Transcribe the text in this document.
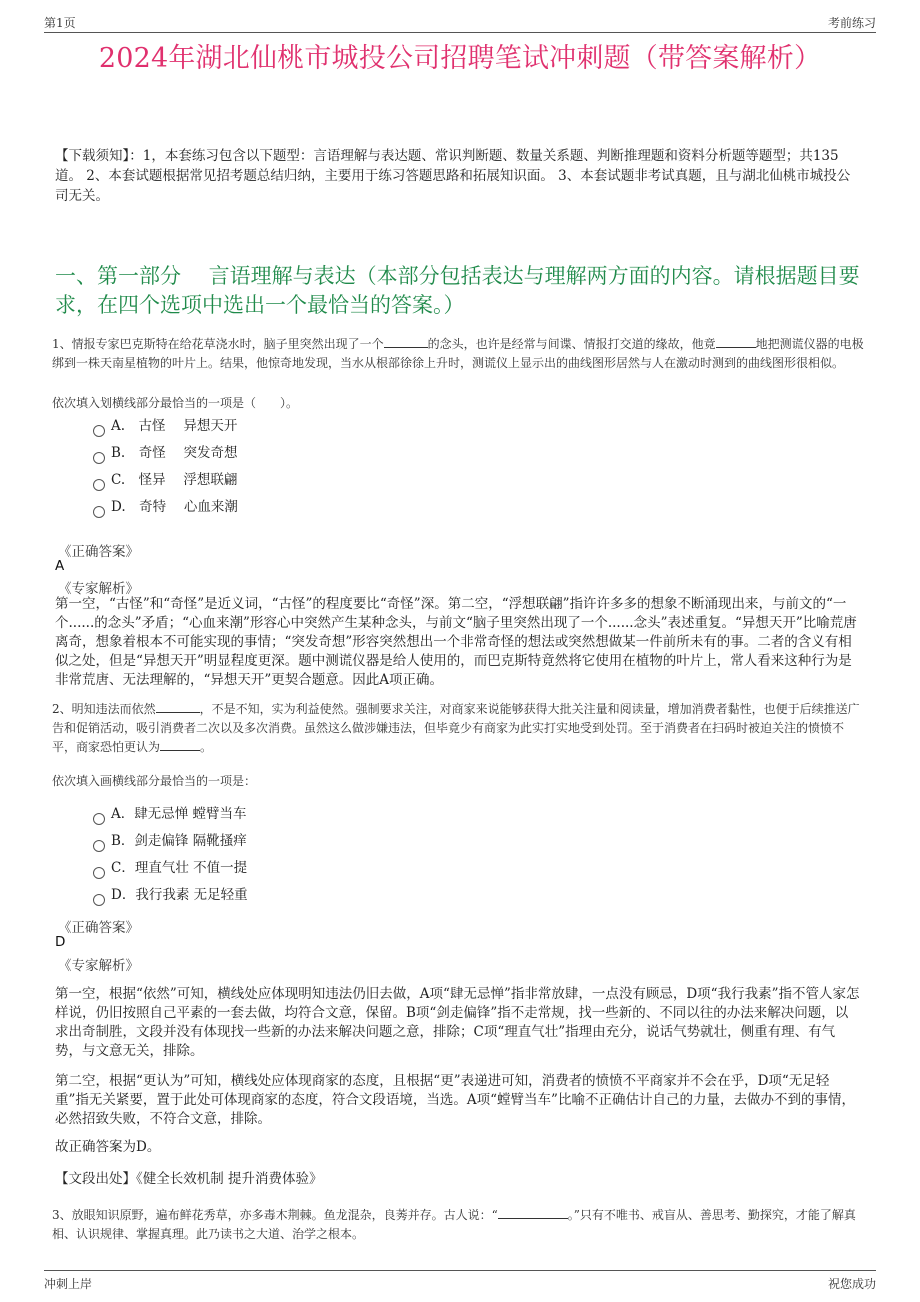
第1页	考前练习
2024年湖北仙桃市城投公司招聘笔试冲刺题（带答案解析）
【下载须知】：1，本套练习包含以下题型：言语理解与表达题、常识判断题、数量关系题、判断推理题和资料分析题等题型；共135道。 2、本套试题根据常见招考题总结归纳，主要用于练习答题思路和拓展知识面。 3、本套试题非考试真题，且与湖北仙桃市城投公司无关。
一、第一部分　 言语理解与表达（本部分包括表达与理解两方面的内容。请根据题目要求，在四个选项中选出一个最恰当的答案。）
1、情报专家巴克斯特在给花草浇水时，脑子里突然出现了一个	的念头，也许是经常与间谍、情报打交道的缘故，他竟	地把测谎仪器的电极绑到一株天南星植物的叶片上。结果，他惊奇地发现，当水从根部徐徐上升时，测谎仪上显示出的曲线图形居然与人在激动时测到的曲线图形很相似。
依次填入划横线部分最恰当的一项是（　　）。
A.　古怪　 异想天开
B.　奇怪　 突发奇想
C.　怪异　 浮想联翩
D.　奇特　 心血来潮
《正确答案》
A
《专家解析》
第一空，“古怪”和“奇怪”是近义词，“古怪”的程度要比“奇怪”深。第二空，“浮想联翩”指许许多多的想象不断涌现出来，与前文的“一个......的念头”矛盾；“心血来潮”形容心中突然产生某种念头，与前文“脑子里突然出现了一个......念头”表述重复。“异想天开”比喻荒唐离奇，想象着根本不可能实现的事情；“突发奇想”形容突然想出一个非常奇怪的想法或突然想做某一件前所未有的事。二者的含义有相似之处，但是“异想天开”明显程度更深。题中测谎仪器是给人使用的，而巴克斯特竟然将它使用在植物的叶片上，常人看来这种行为是非常荒唐、无法理解的，“异想天开”更契合题意。因此A项正确。
2、明知违法而依然	，不是不知，实为利益使然。强制要求关注，对商家来说能够获得大批关注量和阅读量，增加消费者黏性，也便于后续推送广告和促销活动，吸引消费者二次以及多次消费。虽然这么做涉嫌违法，但毕竟少有商家为此实打实地受到处罚。至于消费者在扫码时被迫关注的愤愤不平，商家恐怕更认为	。
依次填入画横线部分最恰当的一项是：
A．肆无忌惮 螳臂当车
B．剑走偏锋 隔靴搔痒
C．理直气壮 不值一提
D．我行我素 无足轻重
《正确答案》
D
《专家解析》
第一空，根据“依然”可知，横线处应体现明知违法仍旧去做，A项“肆无忌惮”指非常放肆，一点没有顾忌，D项“我行我素”指不管人家怎样说，仍旧按照自己平素的一套去做，均符合文意，保留。B项“剑走偏锋”指不走常规，找一些新的、不同以往的办法来解决问题，以求出奇制胜，文段并没有体现找一些新的办法来解决问题之意，排除；C项“理直气壮”指理由充分，说话气势就壮，侧重有理、有气势，与文意无关，排除。
第二空，根据“更认为”可知，横线处应体现商家的态度，且根据“更”表递进可知，消费者的愤愤不平商家并不会在乎，D项“无足轻重”指无关紧要，置于此处可体现商家的态度，符合文段语境，当选。A项“螳臂当车”比喻不正确估计自己的力量，去做办不到的事情，必然招致失败，不符合文意，排除。
故正确答案为D。
【文段出处】《健全长效机制 提升消费体验》
3、放眼知识原野，遍布鲜花秀草，亦多毒木荆棘。鱼龙混杂，良莠并存。古人说：“	。”只有不唯书、戒盲从、善思考、勤探究，才能了解真相、认识规律、掌握真理。此乃读书之大道、治学之根本。
冲刺上岸	祝您成功
